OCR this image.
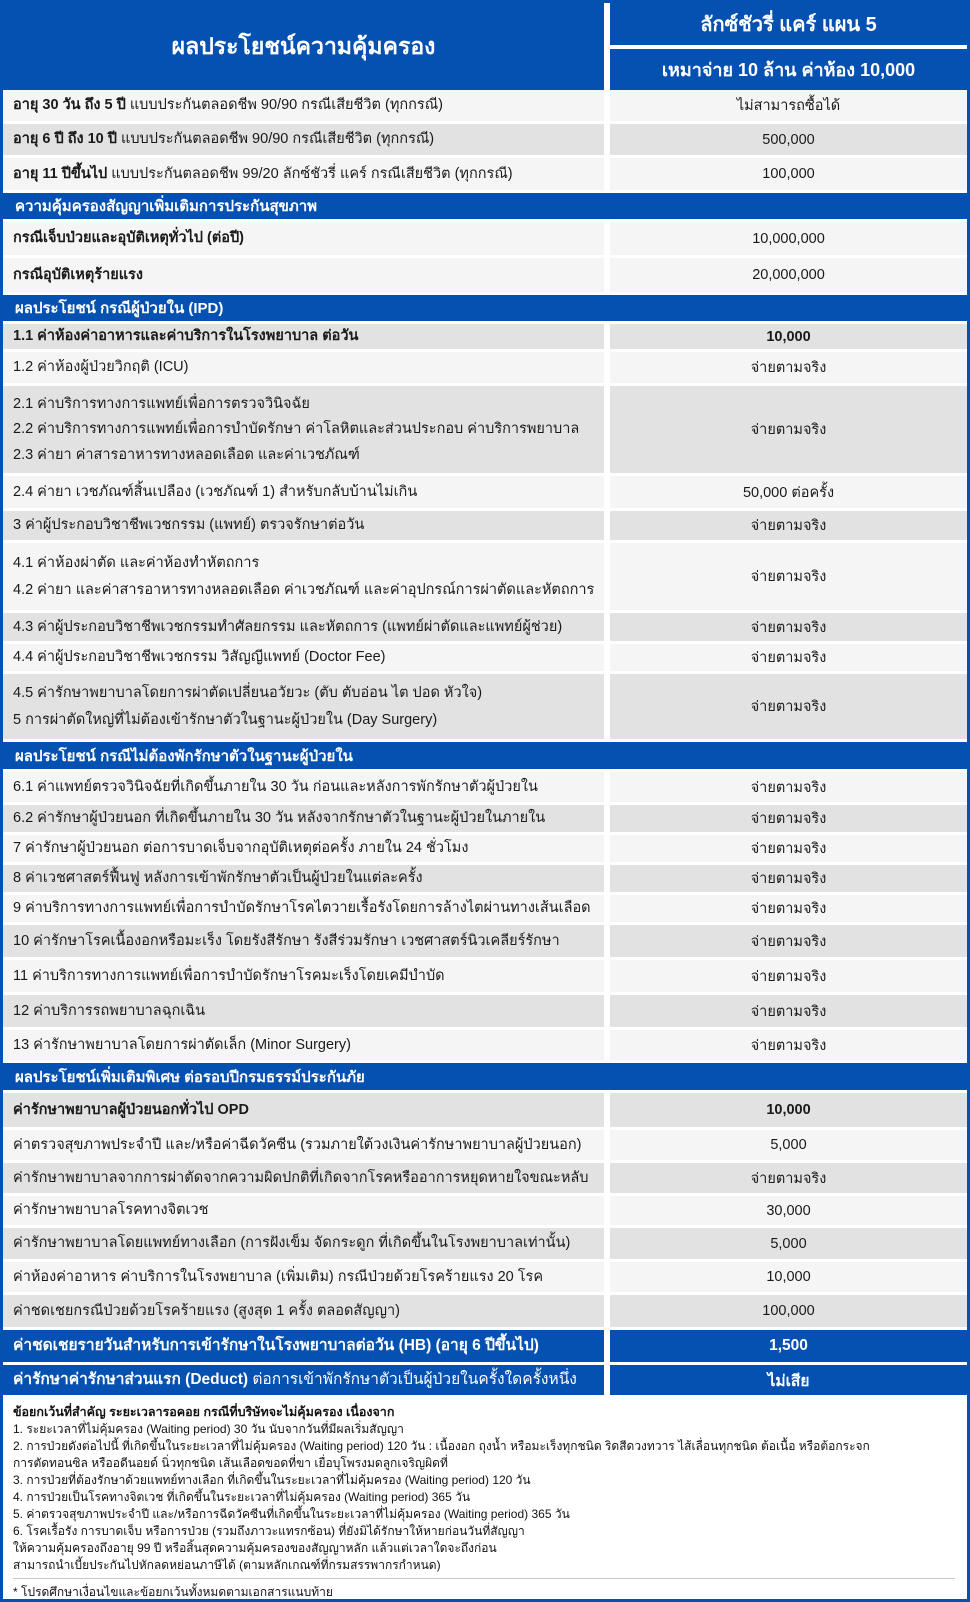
ผลประโยชน์ความคุ้มครอง
ลักซ์ชัวรี่ แคร์ แผน 5
เหมาจ่าย 10 ล้าน ค่าห้อง 10,000
อายุ 30 วัน ถึง 5 ปี แบบประกันตลอดชีพ 90/90 กรณีเสียชีวิต (ทุกกรณี)	ไม่สามารถซื้อได้
อายุ 6 ปี ถึง 10 ปี แบบประกันตลอดชีพ 90/90 กรณีเสียชีวิต (ทุกกรณี)	500,000
อายุ 11 ปีขึ้นไป แบบประกันตลอดชีพ 99/20 ลักซ์ชัวรี่ แคร์ กรณีเสียชีวิต (ทุกกรณี)	100,000
ความคุ้มครองสัญญาเพิ่มเติมการประกันสุขภาพ
กรณีเจ็บป่วยและอุบัติเหตุทั่วไป (ต่อปี)	10,000,000
กรณีอุบัติเหตุร้ายแรง	20,000,000
ผลประโยชน์ กรณีผู้ป่วยใน (IPD)
1.1 ค่าห้องค่าอาหารและค่าบริการในโรงพยาบาล ต่อวัน	10,000
1.2 ค่าห้องผู้ป่วยวิกฤติ (ICU)	จ่ายตามจริง
2.1 ค่าบริการทางการแพทย์เพื่อการตรวจวินิจฉัย
2.2 ค่าบริการทางการแพทย์เพื่อการบำบัดรักษา ค่าโลหิตและส่วนประกอบ ค่าบริการพยาบาล
2.3 ค่ายา ค่าสารอาหารทางหลอดเลือด และค่าเวชภัณฑ์
จ่ายตามจริง
2.4 ค่ายา เวชภัณฑ์สิ้นเปลือง (เวชภัณฑ์ 1) สำหรับกลับบ้านไม่เกิน	50,000 ต่อครั้ง
3 ค่าผู้ประกอบวิชาชีพเวชกรรม (แพทย์) ตรวจรักษาต่อวัน	จ่ายตามจริง
4.1 ค่าห้องผ่าตัด และค่าห้องทำหัตถการ
4.2 ค่ายา และค่าสารอาหารทางหลอดเลือด ค่าเวชภัณฑ์ และค่าอุปกรณ์การผ่าตัดและหัตถการ
จ่ายตามจริง
4.3 ค่าผู้ประกอบวิชาชีพเวชกรรมทำศัลยกรรม และหัตถการ (แพทย์ผ่าตัดและแพทย์ผู้ช่วย)	จ่ายตามจริง
4.4 ค่าผู้ประกอบวิชาชีพเวชกรรม วิสัญญีแพทย์ (Doctor Fee)	จ่ายตามจริง
4.5 ค่ารักษาพยาบาลโดยการผ่าตัดเปลี่ยนอวัยวะ (ตับ ตับอ่อน ไต ปอด หัวใจ)
5 การผ่าตัดใหญ่ที่ไม่ต้องเข้ารักษาตัวในฐานะผู้ป่วยใน (Day Surgery)
จ่ายตามจริง
ผลประโยชน์ กรณีไม่ต้องพักรักษาตัวในฐานะผู้ป่วยใน
6.1 ค่าแพทย์ตรวจวินิจฉัยที่เกิดขึ้นภายใน 30 วัน ก่อนและหลังการพักรักษาตัวผู้ป่วยใน	จ่ายตามจริง
6.2 ค่ารักษาผู้ป่วยนอก ที่เกิดขึ้นภายใน 30 วัน หลังจากรักษาตัวในฐานะผู้ป่วยในภายใน	จ่ายตามจริง
7 ค่ารักษาผู้ป่วยนอก ต่อการบาดเจ็บจากอุบัติเหตุต่อครั้ง ภายใน 24 ชั่วโมง	จ่ายตามจริง
8 ค่าเวชศาสตร์ฟื้นฟู หลังการเข้าพักรักษาตัวเป็นผู้ป่วยในแต่ละครั้ง	จ่ายตามจริง
9 ค่าบริการทางการแพทย์เพื่อการบำบัดรักษาโรคไตวายเรื้อรังโดยการล้างไตผ่านทางเส้นเลือด	จ่ายตามจริง
10 ค่ารักษาโรคเนื้องอกหรือมะเร็ง โดยรังสีรักษา รังสีร่วมรักษา เวชศาสตร์นิวเคลียร์รักษา	จ่ายตามจริง
11 ค่าบริการทางการแพทย์เพื่อการบำบัดรักษาโรคมะเร็งโดยเคมีบำบัด	จ่ายตามจริง
12 ค่าบริการรถพยาบาลฉุกเฉิน	จ่ายตามจริง
13 ค่ารักษาพยาบาลโดยการผ่าตัดเล็ก (Minor Surgery)	จ่ายตามจริง
ผลประโยชน์เพิ่มเติมพิเศษ ต่อรอบปีกรมธรรม์ประกันภัย
ค่ารักษาพยาบาลผู้ป่วยนอกทั่วไป OPD	10,000
ค่าตรวจสุขภาพประจำปี และ/หรือค่าฉีดวัคซีน (รวมภายใต้วงเงินค่ารักษาพยาบาลผู้ป่วยนอก)	5,000
ค่ารักษาพยาบาลจากการผ่าตัดจากความผิดปกติที่เกิดจากโรคหรืออาการหยุดหายใจขณะหลับ	จ่ายตามจริง
ค่ารักษาพยาบาลโรคทางจิตเวช	30,000
ค่ารักษาพยาบาลโดยแพทย์ทางเลือก (การฝังเข็ม จัดกระดูก ที่เกิดขึ้นในโรงพยาบาลเท่านั้น)	5,000
ค่าห้องค่าอาหาร ค่าบริการในโรงพยาบาล (เพิ่มเติม) กรณีป่วยด้วยโรคร้ายแรง 20 โรค	10,000
ค่าชดเชยกรณีป่วยด้วยโรคร้ายแรง (สูงสุด 1 ครั้ง ตลอดสัญญา)	100,000
ค่าชดเชยรายวันสำหรับการเข้ารักษาในโรงพยาบาลต่อวัน (HB) (อายุ 6 ปีขึ้นไป)	1,500
ค่ารักษาค่ารักษาส่วนแรก (Deduct) ต่อการเข้าพักรักษาตัวเป็นผู้ป่วยในครั้งใดครั้งหนึ่ง	ไม่เสีย
ข้อยกเว้นที่สำคัญ ระยะเวลารอคอย กรณีที่บริษัทจะไม่คุ้มครอง เนื่องจาก
1. ระยะเวลาที่ไม่คุ้มครอง (Waiting period) 30 วัน นับจากวันที่มีผลเริ่มสัญญา
2. การป่วยดังต่อไปนี้ ที่เกิดขึ้นในระยะเวลาที่ไม่คุ้มครอง (Waiting period) 120 วัน : เนื้องอก ถุงน้ำ หรือมะเร็งทุกชนิด ริดสีดวงทวาร ไส้เลื่อนทุกชนิด ต้อเนื้อ หรือต้อกระจก
การตัดทอนซิล หรืออดีนอยด์ นิ่วทุกชนิด เส้นเลือดขอดที่ขา เยื่อบุโพรงมดลูกเจริญผิดที่
3. การป่วยที่ต้องรักษาด้วยแพทย์ทางเลือก ที่เกิดขึ้นในระยะเวลาที่ไม่คุ้มครอง (Waiting period) 120 วัน
4. การป่วยเป็นโรคทางจิตเวช ที่เกิดขึ้นในระยะเวลาที่ไม่คุ้มครอง (Waiting period) 365 วัน
5. ค่าตรวจสุขภาพประจำปี และ/หรือการฉีดวัคซีนที่เกิดขึ้นในระยะเวลาที่ไม่คุ้มครอง (Waiting period) 365 วัน
6. โรคเรื้อรัง การบาดเจ็บ หรือการป่วย (รวมถึงภาวะแทรกซ้อน) ที่ยังมิได้รักษาให้หายก่อนวันที่สัญญา
ให้ความคุ้มครองถึงอายุ 99 ปี หรือสิ้นสุดความคุ้มครองของสัญญาหลัก แล้วแต่เวลาใดจะถึงก่อน
สามารถนำเบี้ยประกันไปหักลดหย่อนภาษีได้ (ตามหลักเกณฑ์ที่กรมสรรพากรกำหนด)
* โปรดศึกษาเงื่อนไขและข้อยกเว้นทั้งหมดตามเอกสารแนบท้าย
